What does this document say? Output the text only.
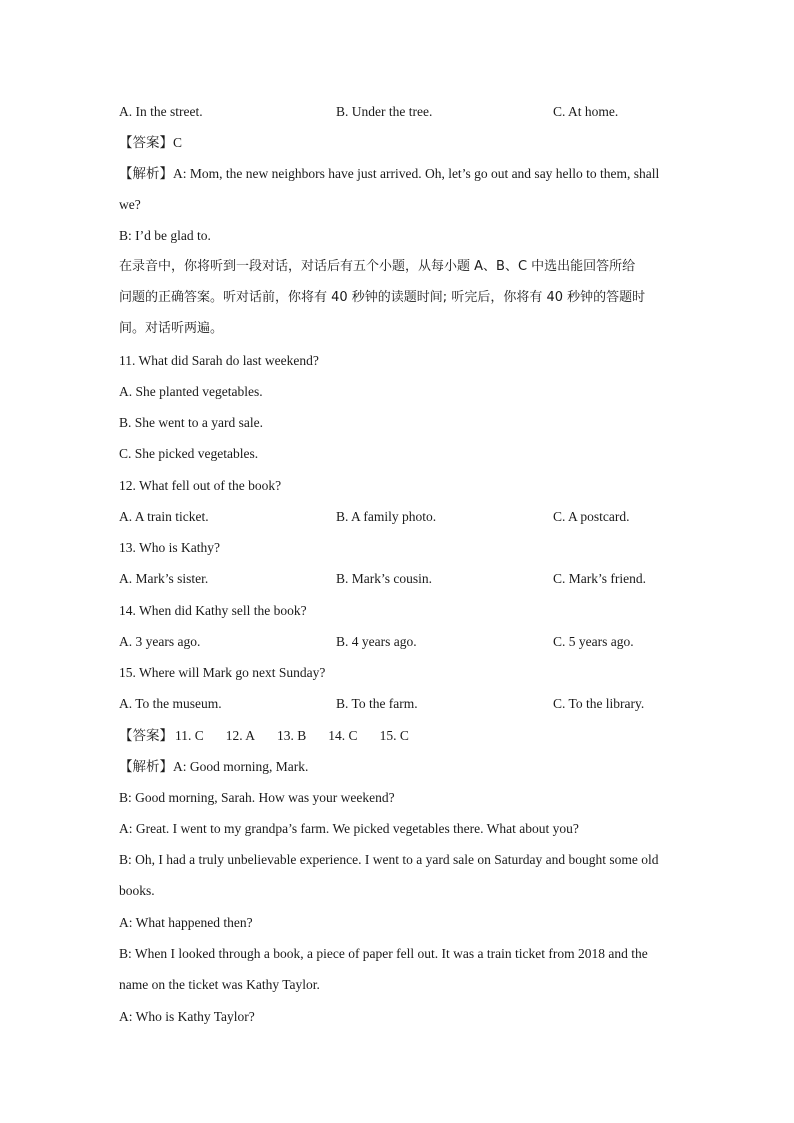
A. In the street.	B. Under the tree.	C. At home.
【答案】C
【解析】A: Mom, the new neighbors have just arrived. Oh, let’s go out and say hello to them, shall
we?
B: I’d be glad to.
在录音中，你将听到一段对话，对话后有五个小题，从每小题 A、B、C 中选出能回答所给
问题的正确答案。听对话前，你将有 40 秒钟的读题时间; 听完后，你将有 40 秒钟的答题时
间。对话听两遍。
11. What did Sarah do last weekend?
A. She planted vegetables.
B. She went to a yard sale.
C. She picked vegetables.
12. What fell out of the book?
A. A train ticket.	B. A family photo.	C. A postcard.
13. Who is Kathy?
A. Mark’s sister.	B. Mark’s cousin.	C. Mark’s friend.
14. When did Kathy sell the book?
A. 3 years ago.	B. 4 years ago.	C. 5 years ago.
15. Where will Mark go next Sunday?
A. To the museum.	B. To the farm.	C. To the library.
【答案】 11. C 12. A 13. B 14. C 15. C
【解析】A: Good morning, Mark.
B: Good morning, Sarah. How was your weekend?
A: Great. I went to my grandpa’s farm. We picked vegetables there. What about you?
B: Oh, I had a truly unbelievable experience. I went to a yard sale on Saturday and bought some old
books.
A: What happened then?
B: When I looked through a book, a piece of paper fell out. It was a train ticket from 2018 and the
name on the ticket was Kathy Taylor.
A: Who is Kathy Taylor?
